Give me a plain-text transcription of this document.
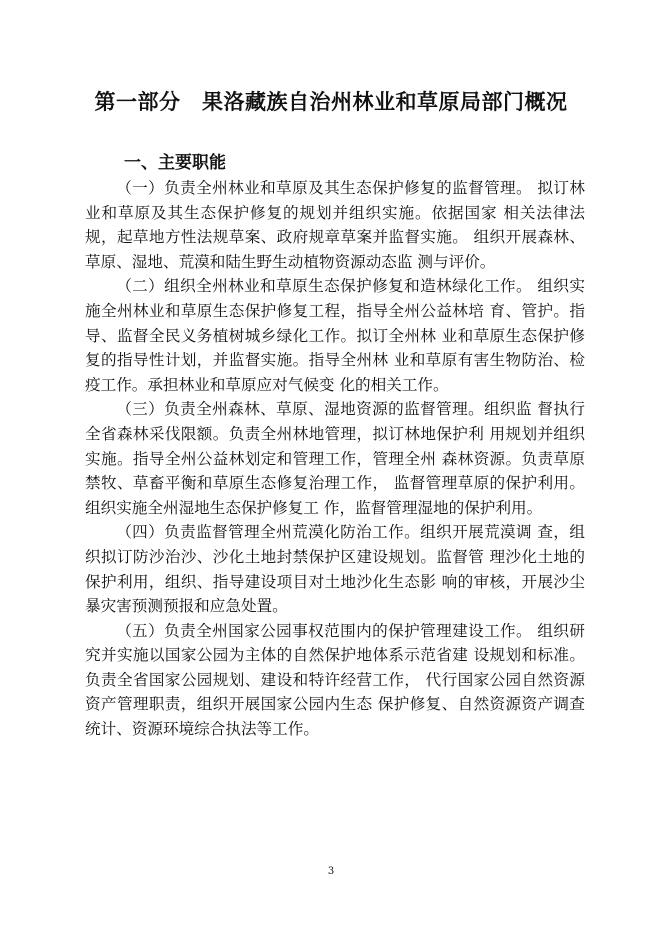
第一部分　果洛藏族自治州林业和草原局部门概况
一、主要职能

（一）负责全州林业和草原及其生态保护修复的监督管理。 拟订林业和草原及其生态保护修复的规划并组织实施。依据国家 相关法律法规，起草地方性法规草案、政府规章草案并监督实施。 组织开展森林、草原、湿地、荒漠和陆生野生动植物资源动态监 测与评价。

（二）组织全州林业和草原生态保护修复和造林绿化工作。 组织实施全州林业和草原生态保护修复工程，指导全州公益林培 育、管护。指导、监督全民义务植树城乡绿化工作。拟订全州林 业和草原生态保护修复的指导性计划，并监督实施。指导全州林 业和草原有害生物防治、检疫工作。承担林业和草原应对气候变 化的相关工作。

（三）负责全州森林、草原、湿地资源的监督管理。组织监 督执行全省森林采伐限额。负责全州林地管理，拟订林地保护利 用规划并组织实施。指导全州公益林划定和管理工作，管理全州 森林资源。负责草原禁牧、草畜平衡和草原生态修复治理工作， 监督管理草原的保护利用。组织实施全州湿地生态保护修复工 作，监督管理湿地的保护利用。

（四）负责监督管理全州荒漠化防治工作。组织开展荒漠调 查，组织拟订防沙治沙、沙化土地封禁保护区建设规划。监督管 理沙化土地的保护利用，组织、指导建设项目对土地沙化生态影 响的审核，开展沙尘暴灾害预测预报和应急处置。

（五）负责全州国家公园事权范围内的保护管理建设工作。 组织研究并实施以国家公园为主体的自然保护地体系示范省建 设规划和标准。负责全省国家公园规划、建设和特许经营工作， 代行国家公园自然资源资产管理职责，组织开展国家公园内生态 保护修复、自然资源资产调查统计、资源环境综合执法等工作。

3
